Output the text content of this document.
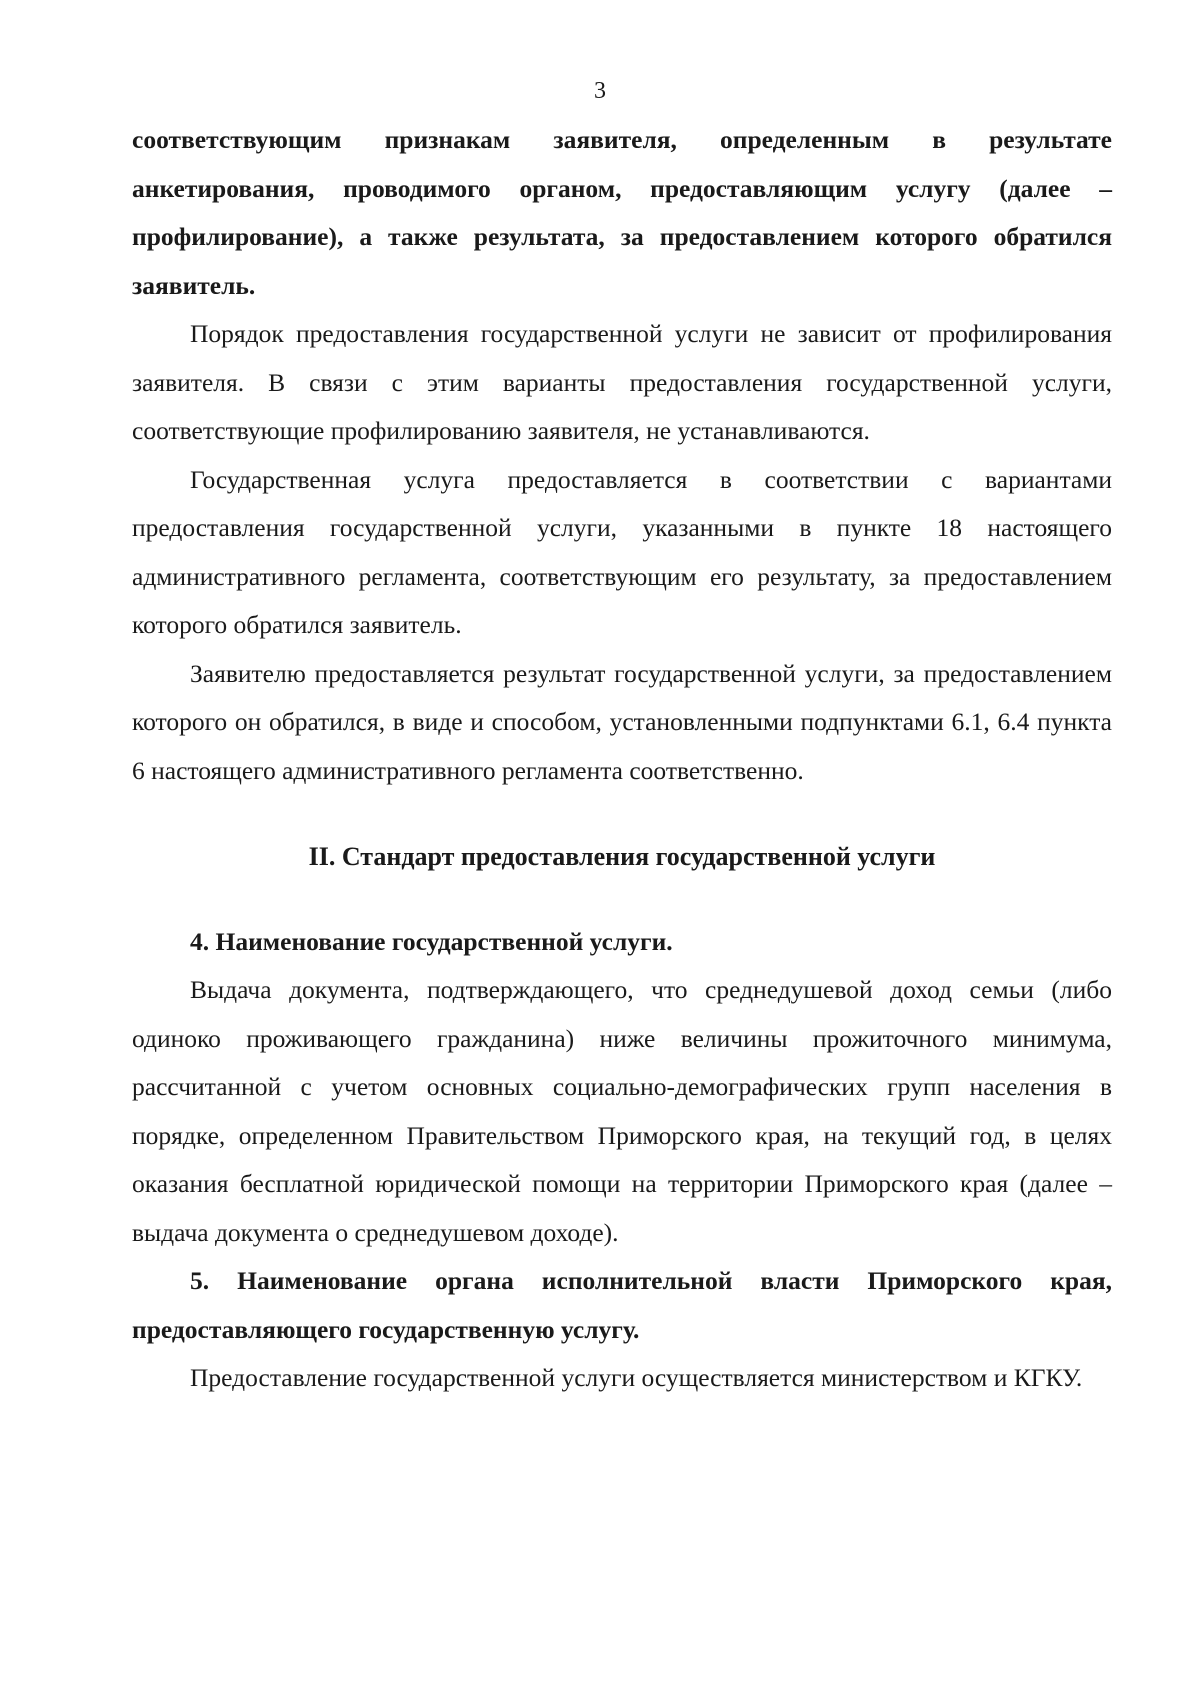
3

соответствующим признакам заявителя, определенным в результате анкетирования, проводимого органом, предоставляющим услугу (далее – профилирование), а также результата, за предоставлением которого обратился заявитель.

Порядок предоставления государственной услуги не зависит от профилирования заявителя. В связи с этим варианты предоставления государственной услуги, соответствующие профилированию заявителя, не устанавливаются.

Государственная услуга предоставляется в соответствии с вариантами предоставления государственной услуги, указанными в пункте 18 настоящего административного регламента, соответствующим его результату, за предоставлением которого обратился заявитель.

Заявителю предоставляется результат государственной услуги, за предоставлением которого он обратился, в виде и способом, установленными подпунктами 6.1, 6.4 пункта 6 настоящего административного регламента соответственно.

II. Стандарт предоставления государственной услуги

4. Наименование государственной услуги.

Выдача документа, подтверждающего, что среднедушевой доход семьи (либо одиноко проживающего гражданина) ниже величины прожиточного минимума, рассчитанной с учетом основных социально-демографических групп населения в порядке, определенном Правительством Приморского края, на текущий год, в целях оказания бесплатной юридической помощи на территории Приморского края (далее – выдача документа о среднедушевом доходе).

5. Наименование органа исполнительной власти Приморского края, предоставляющего государственную услугу.

Предоставление государственной услуги осуществляется министерством и КГКУ.
